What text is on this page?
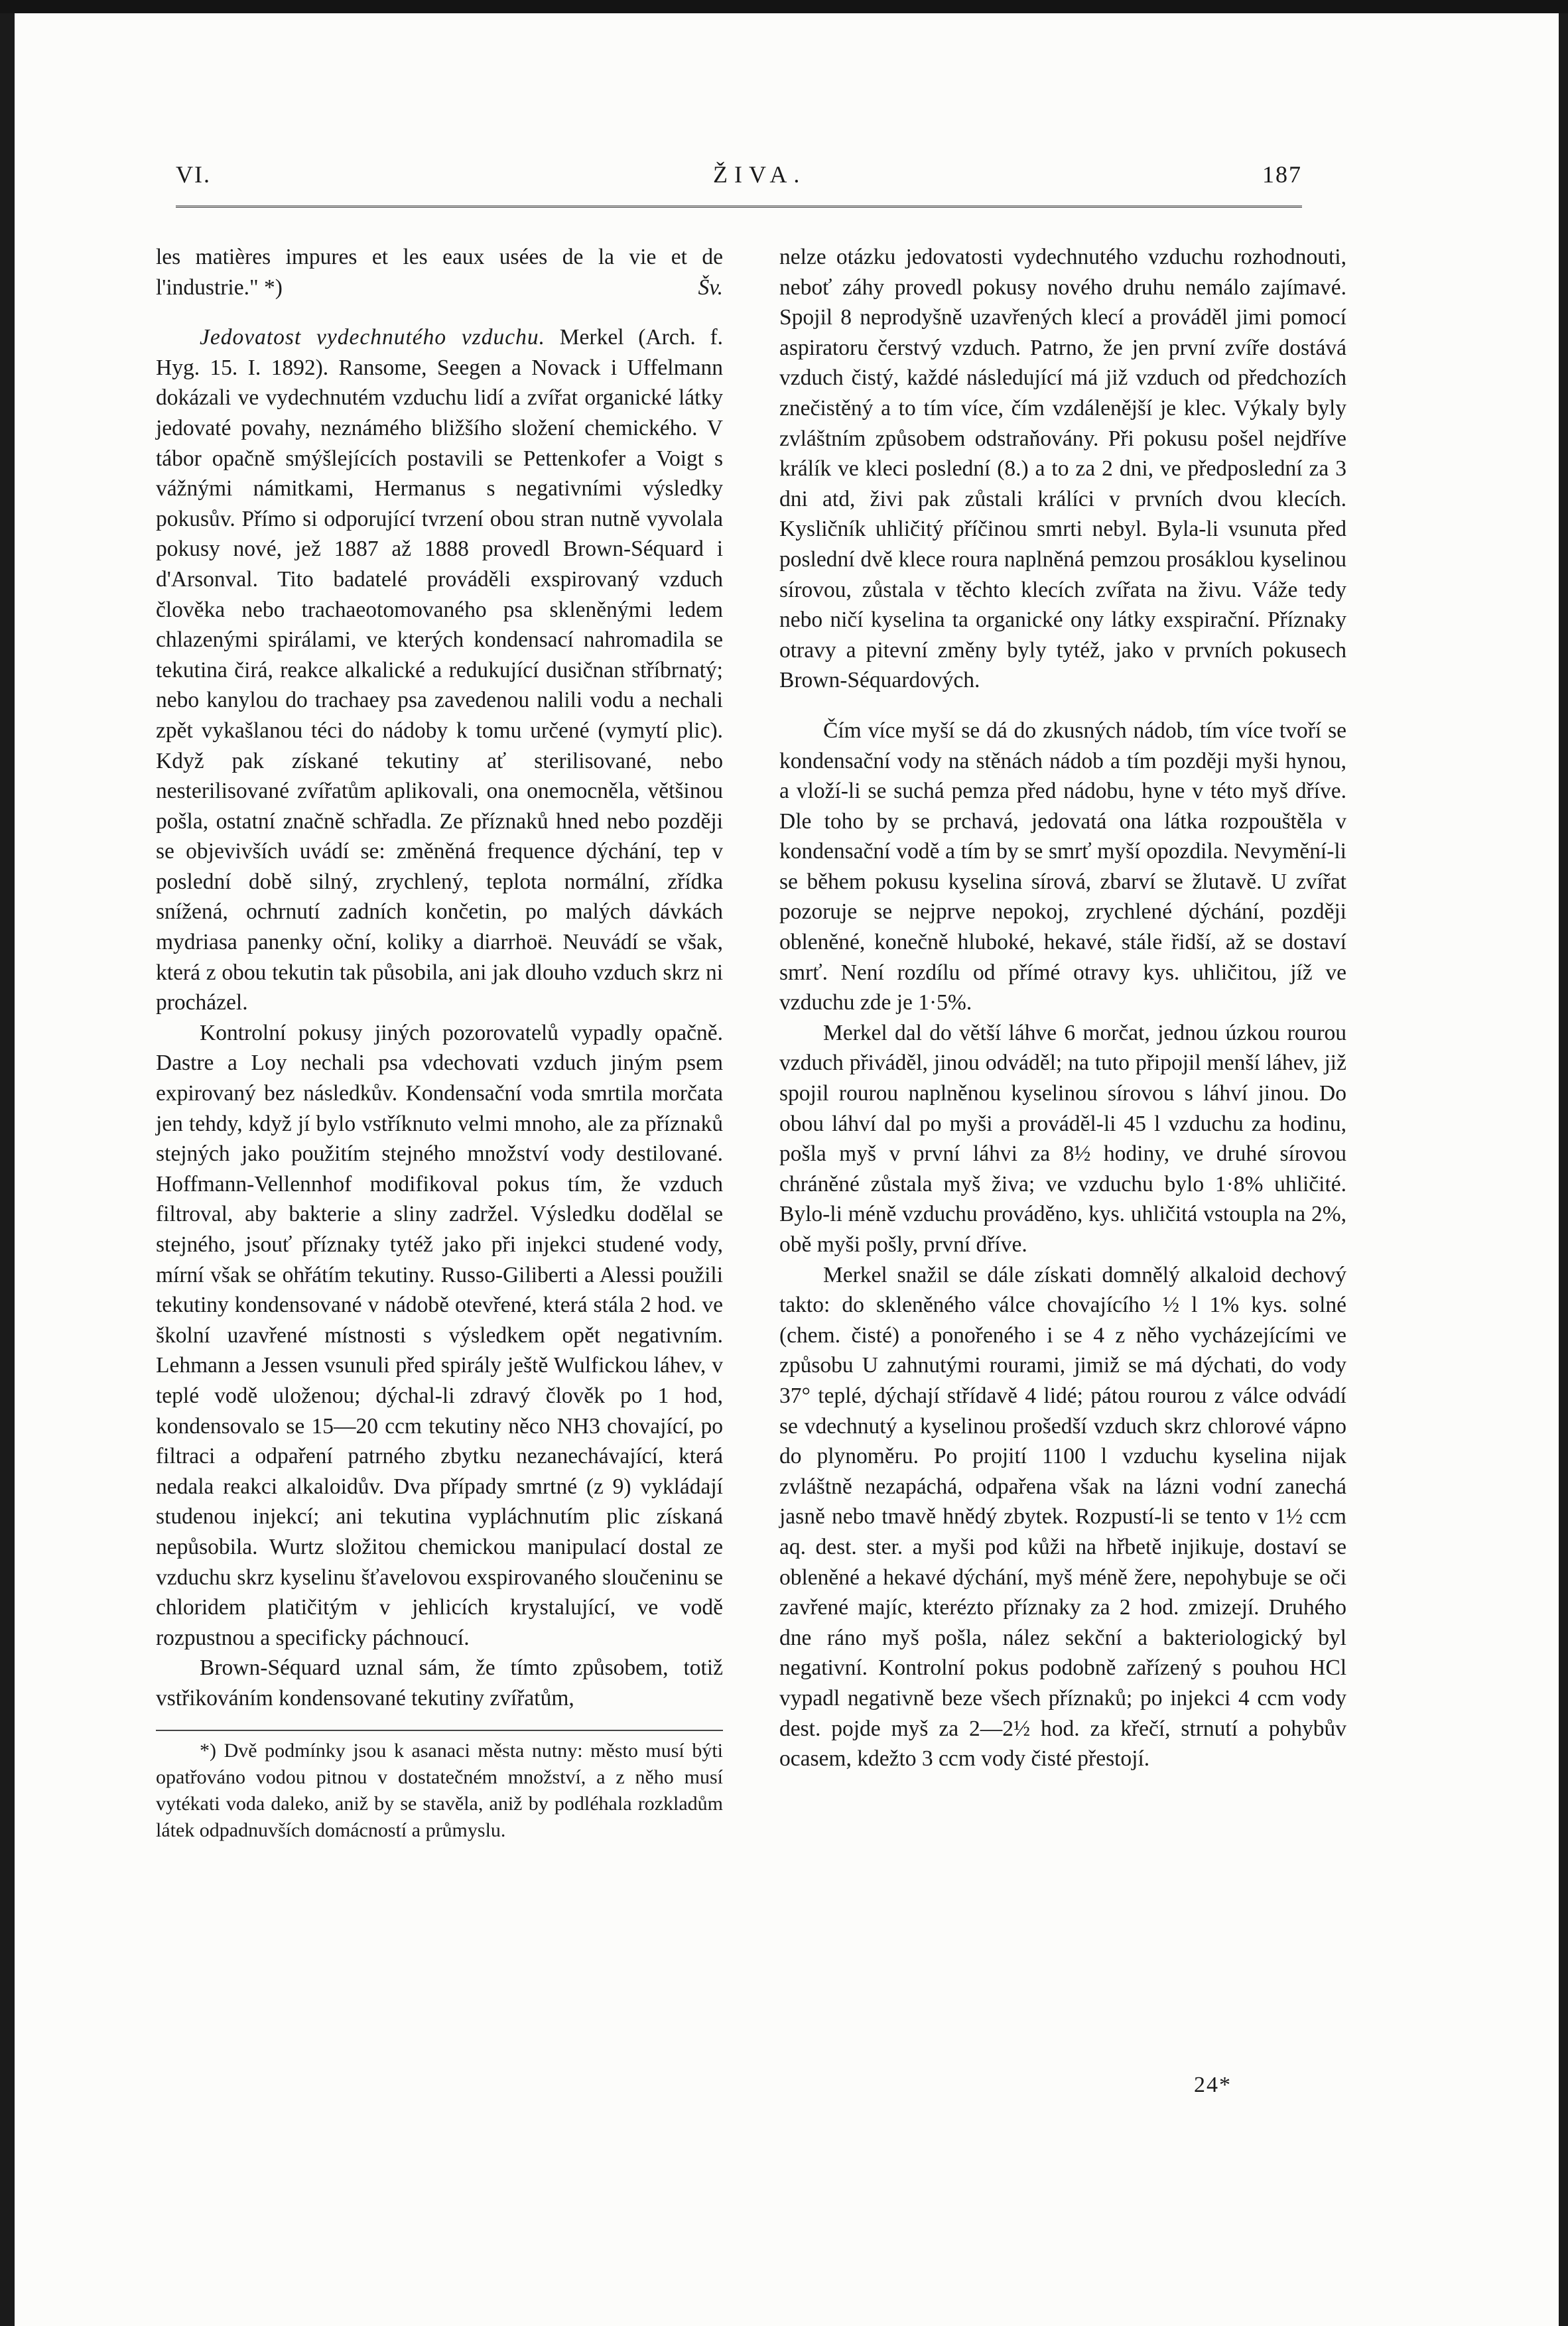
VI.	ŽIVA.	187

les matières impures et les eaux usées de la vie et de l'industrie." *)	Šv.

Jedovatost vydechnutého vzduchu. Merkel (Arch. f. Hyg. 15. I. 1892). Ransome, Seegen a Novack i Uffelmann dokázali ve vydechnutém vzduchu lidí a zvířat organické látky jedovaté povahy, neznámého bližšího složení chemického. V tábor opačně smýšlejících postavili se Pettenkofer a Voigt s vážnými námitkami, Hermanus s negativními výsledky pokusův. Přímo si odporující tvrzení obou stran nutně vyvolala pokusy nové, jež 1887 až 1888 provedl Brown-Séquard i d'Arsonval. Tito badatelé prováděli exspirovaný vzduch člověka nebo trachaeotomovaného psa skleněnými ledem chlazenými spirálami, ve kterých kondensací nahromadila se tekutina čirá, reakce alkalické a redukující dusičnan stříbrnatý; nebo kanylou do trachaey psa zavedenou nalili vodu a nechali zpět vykašlanou téci do nádoby k tomu určené (vymytí plic). Když pak získané tekutiny ať sterilisované, nebo nesterilisované zvířatům aplikovali, ona onemocněla, většinou pošla, ostatní značně schřadla. Ze příznaků hned nebo později se objevivších uvádí se: změněná frequence dýchání, tep v poslední době silný, zrychlený, teplota normální, zřídka snížená, ochrnutí zadních končetin, po malých dávkách mydriasa panenky oční, koliky a diarrhoë. Neuvádí se však, která z obou tekutin tak působila, ani jak dlouho vzduch skrz ni procházel.

Kontrolní pokusy jiných pozorovatelů vypadly opačně. Dastre a Loy nechali psa vdechovati vzduch jiným psem expirovaný bez následkův. Kondensační voda smrtila morčata jen tehdy, když jí bylo vstříknuto velmi mnoho, ale za příznaků stejných jako použitím stejného množství vody destilované. Hoffmann-Vellennhof modifikoval pokus tím, že vzduch filtroval, aby bakterie a sliny zadržel. Výsledku dodělal se stejného, jsouť příznaky tytéž jako při injekci studené vody, mírní však se ohřátím tekutiny. Russo-Giliberti a Alessi použili tekutiny kondensované v nádobě otevřené, která stála 2 hod. ve školní uzavřené místnosti s výsledkem opět negativním. Lehmann a Jessen vsunuli před spirály ještě Wulfickou láhev, v teplé vodě uloženou; dýchal-li zdravý člověk po 1 hod, kondensovalo se 15—20 ccm tekutiny něco NH3 chovající, po filtraci a odpaření patrného zbytku nezanechávající, která nedala reakci alkaloidův. Dva případy smrtné (z 9) vykládají studenou injekcí; ani tekutina vypláchnutím plic získaná nepůsobila. Wurtz složitou chemickou manipulací dostal ze vzduchu skrz kyselinu šťavelovou exspirovaného sloučeninu se chloridem platičitým v jehlicích krystalující, ve vodě rozpustnou a specificky páchnoucí.

Brown-Séquard uznal sám, že tímto způsobem, totiž vstřikováním kondensované tekutiny zvířatům,

*) Dvě podmínky jsou k asanaci města nutny: město musí býti opatřováno vodou pitnou v dostatečném množství, a z něho musí vytékati voda daleko, aniž by se stavěla, aniž by podléhala rozkladům látek odpadnuvších domácností a průmyslu.

nelze otázku jedovatosti vydechnutého vzduchu rozhodnouti, neboť záhy provedl pokusy nového druhu nemálo zajímavé. Spojil 8 neprodyšně uzavřených klecí a prováděl jimi pomocí aspiratoru čerstvý vzduch. Patrno, že jen první zvíře dostává vzduch čistý, každé následující má již vzduch od předchozích znečistěný a to tím více, čím vzdálenější je klec. Výkaly byly zvláštním způsobem odstraňovány. Při pokusu pošel nejdříve králík ve kleci poslední (8.) a to za 2 dni, ve předposlední za 3 dni atd, živi pak zůstali králíci v prvních dvou klecích. Kysličník uhličitý příčinou smrti nebyl. Byla-li vsunuta před poslední dvě klece roura naplněná pemzou prosáklou kyselinou sírovou, zůstala v těchto klecích zvířata na živu. Váže tedy nebo ničí kyselina ta organické ony látky exspirační. Příznaky otravy a pitevní změny byly tytéž, jako v prvních pokusech Brown-Séquardových.

Čím více myší se dá do zkusných nádob, tím více tvoří se kondensační vody na stěnách nádob a tím později myši hynou, a vloží-li se suchá pemza před nádobu, hyne v této myš dříve. Dle toho by se prchavá, jedovatá ona látka rozpouštěla v kondensační vodě a tím by se smrť myší opozdila. Nevymění-li se během pokusu kyselina sírová, zbarví se žlutavě. U zvířat pozoruje se nejprve nepokoj, zrychlené dýchání, později obleněné, konečně hluboké, hekavé, stále řidší, až se dostaví smrť. Není rozdílu od přímé otravy kys. uhličitou, jíž ve vzduchu zde je 1·5%.

Merkel dal do větší láhve 6 morčat, jednou úzkou rourou vzduch přiváděl, jinou odváděl; na tuto připojil menší láhev, již spojil rourou naplněnou kyselinou sírovou s láhví jinou. Do obou láhví dal po myši a prováděl-li 45 l vzduchu za hodinu, pošla myš v první láhvi za 8½ hodiny, ve druhé sírovou chráněné zůstala myš živa; ve vzduchu bylo 1·8% uhličité. Bylo-li méně vzduchu prováděno, kys. uhličitá vstoupla na 2%, obě myši pošly, první dříve.

Merkel snažil se dále získati domnělý alkaloid dechový takto: do skleněného válce chovajícího ½ l 1% kys. solné (chem. čisté) a ponořeného i se 4 z něho vycházejícími ve způsobu U zahnutými rourami, jimiž se má dýchati, do vody 37° teplé, dýchají střídavě 4 lidé; pátou rourou z válce odvádí se vdechnutý a kyselinou prošedší vzduch skrz chlorové vápno do plynoměru. Po projití 1100 l vzduchu kyselina nijak zvláštně nezapáchá, odpařena však na lázni vodní zanechá jasně nebo tmavě hnědý zbytek. Rozpustí-li se tento v 1½ ccm aq. dest. ster. a myši pod kůži na hřbetě injikuje, dostaví se obleněné a hekavé dýchání, myš méně žere, nepohybuje se oči zavřené majíc, kterézto příznaky za 2 hod. zmizejí. Druhého dne ráno myš pošla, nález sekční a bakteriologický byl negativní. Kontrolní pokus podobně zařízený s pouhou HCl vypadl negativně beze všech příznaků; po injekci 4 ccm vody dest. pojde myš za 2—2½ hod. za křečí, strnutí a pohybův ocasem, kdežto 3 ccm vody čisté přestojí.

24*
